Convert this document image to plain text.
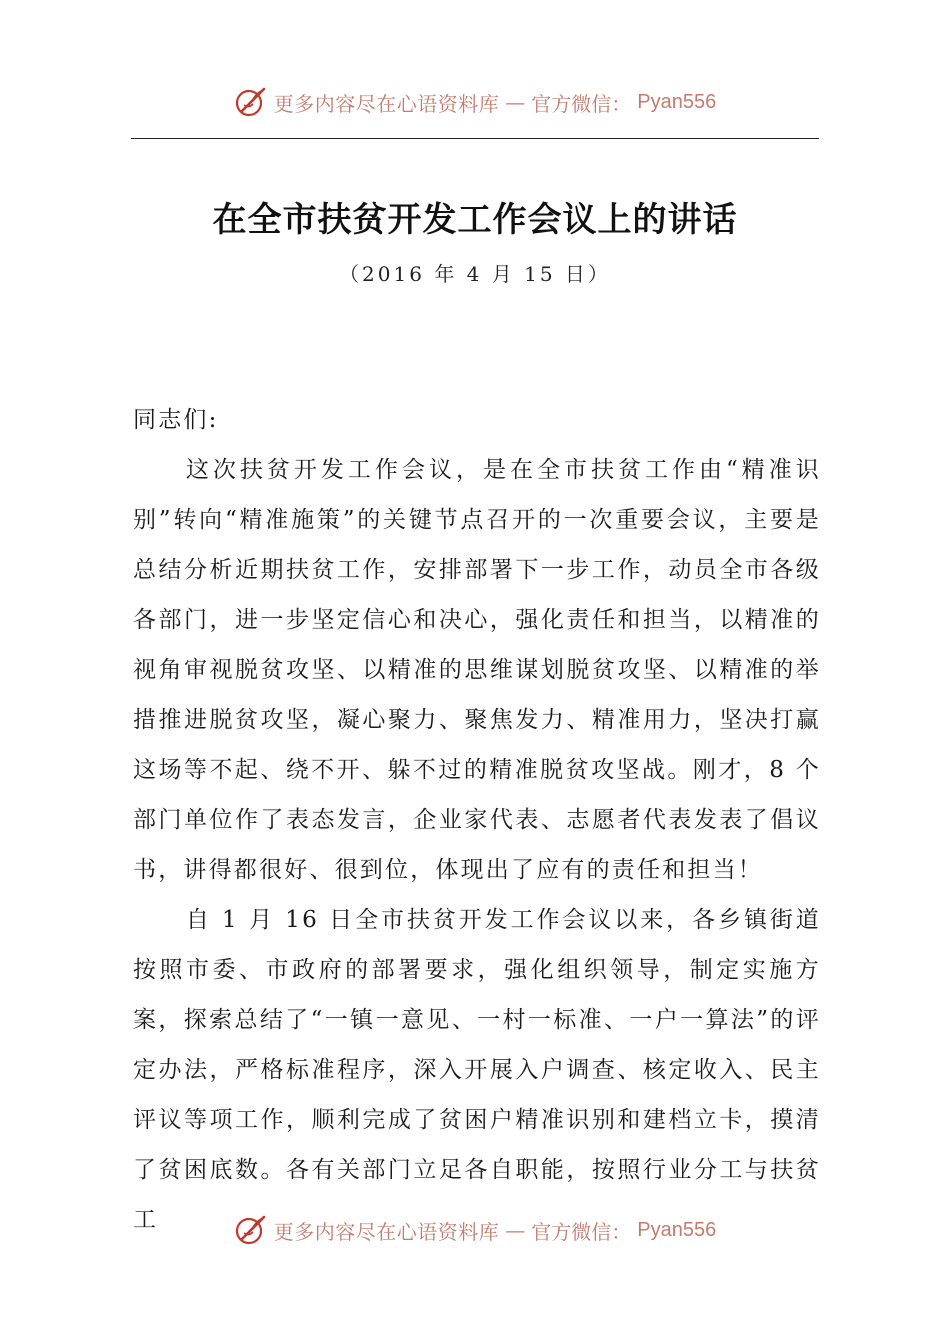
更多内容尽在心语资料库 — 官方微信： Pyan556
在全市扶贫开发工作会议上的讲话
（2016 年 4 月 15 日）

同志们:

这次扶贫开发工作会议，是在全市扶贫工作由“精准识别”转向“精准施策”的关键节点召开的一次重要会议，主要是总结分析近期扶贫工作，安排部署下一步工作，动员全市各级各部门，进一步坚定信心和决心，强化责任和担当，以精准的视角审视脱贫攻坚、以精准的思维谋划脱贫攻坚、以精准的举措推进脱贫攻坚，凝心聚力、聚焦发力、精准用力，坚决打赢这场等不起、绕不开、躲不过的精准脱贫攻坚战。刚才，8 个部门单位作了表态发言，企业家代表、志愿者代表发表了倡议书，讲得都很好、很到位，体现出了应有的责任和担当！

自 1 月 16 日全市扶贫开发工作会议以来，各乡镇街道按照市委、市政府的部署要求，强化组织领导，制定实施方案，探索总结了“一镇一意见、一村一标准、一户一算法”的评定办法，严格标准程序，深入开展入户调查、核定收入、民主评议等项工作，顺利完成了贫困户精准识别和建档立卡，摸清了贫困底数。各有关部门立足各自职能，按照行业分工与扶贫工	更多内容尽在心语资料库 — 官方微信： Pyan556
